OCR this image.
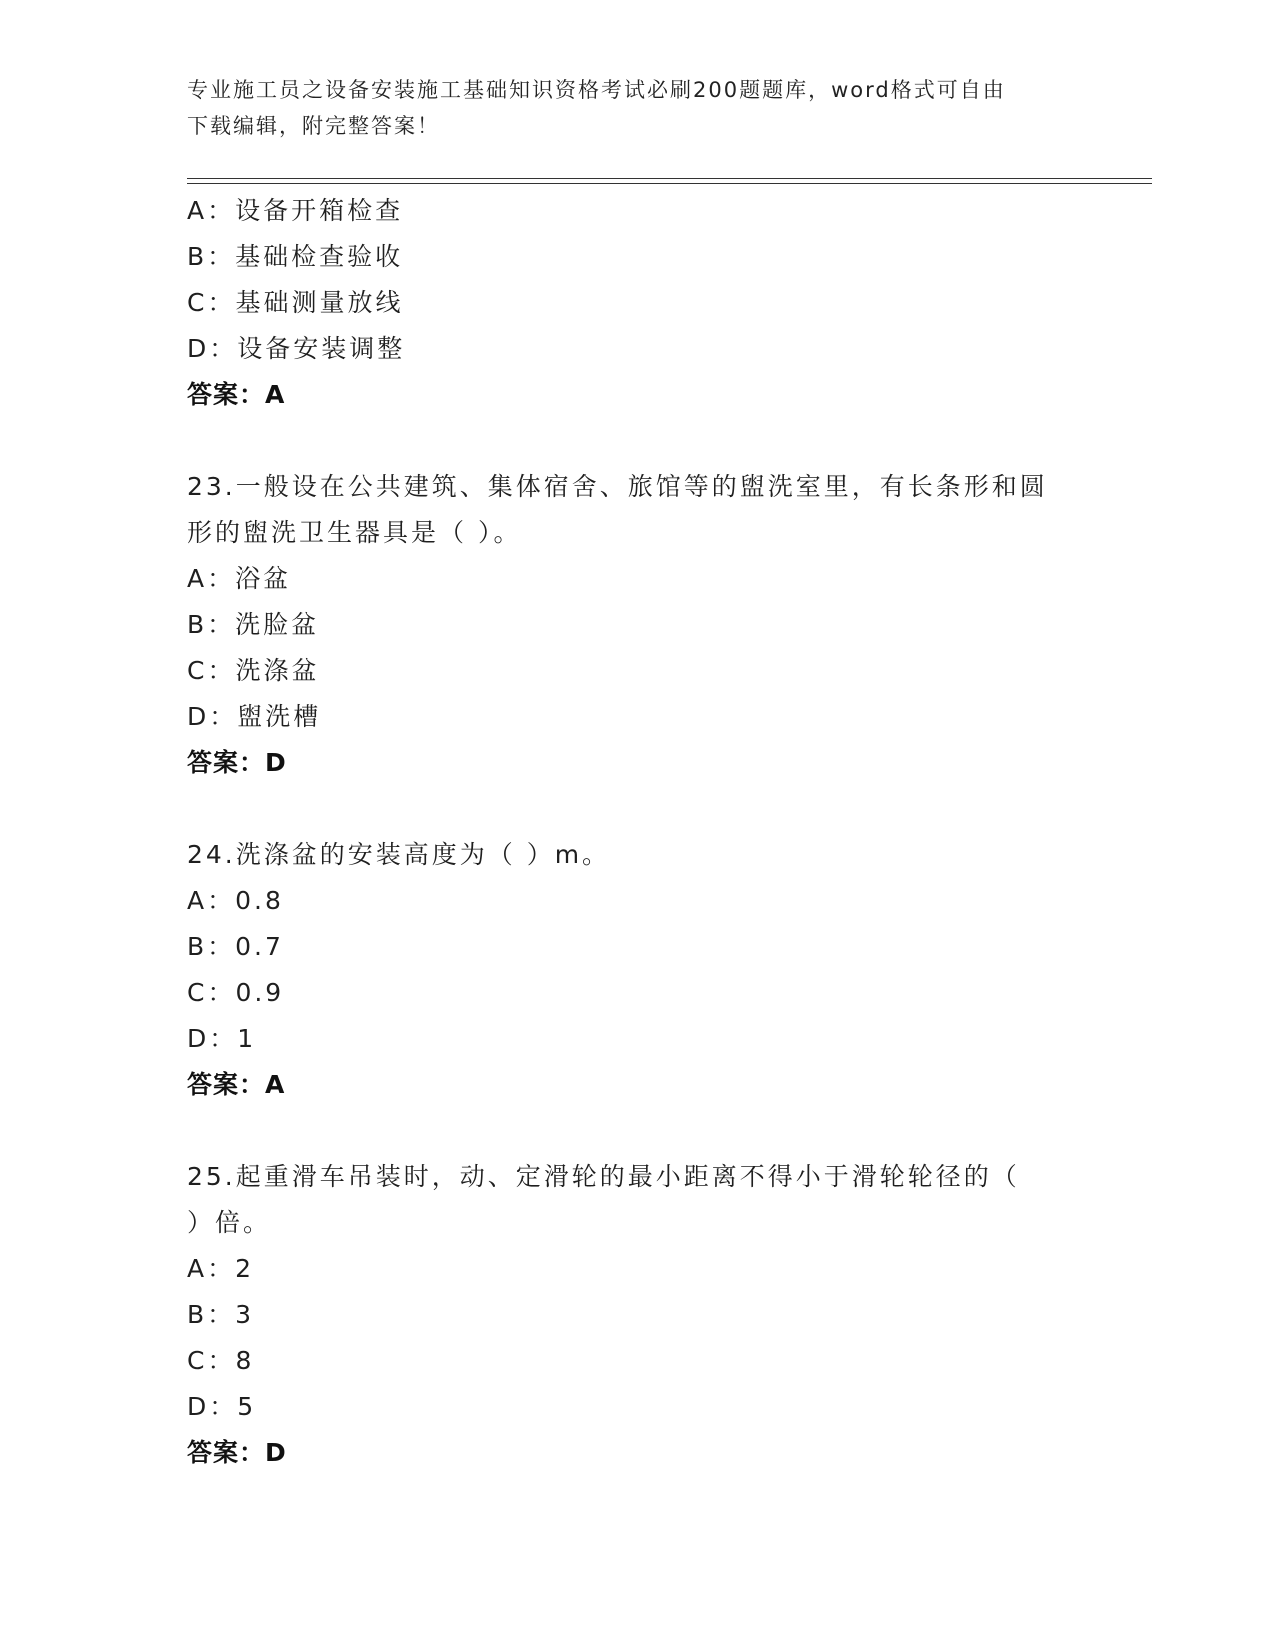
专业施工员之设备安装施工基础知识资格考试必刷200题题库，word格式可自由
下载编辑，附完整答案！
A：设备开箱检查
B：基础检查验收
C：基础测量放线
D：设备安装调整
答案：A
23.一般设在公共建筑、集体宿舍、旅馆等的盥洗室里，有长条形和圆
形的盥洗卫生器具是（ ）。
A：浴盆
B：洗脸盆
C：洗涤盆
D：盥洗槽
答案：D
24.洗涤盆的安装高度为（ ）m。
A：0.8
B：0.7
C：0.9
D：1
答案：A
25.起重滑车吊装时，动、定滑轮的最小距离不得小于滑轮轮径的（
）倍。
A：2
B：3
C：8
D：5
答案：D
